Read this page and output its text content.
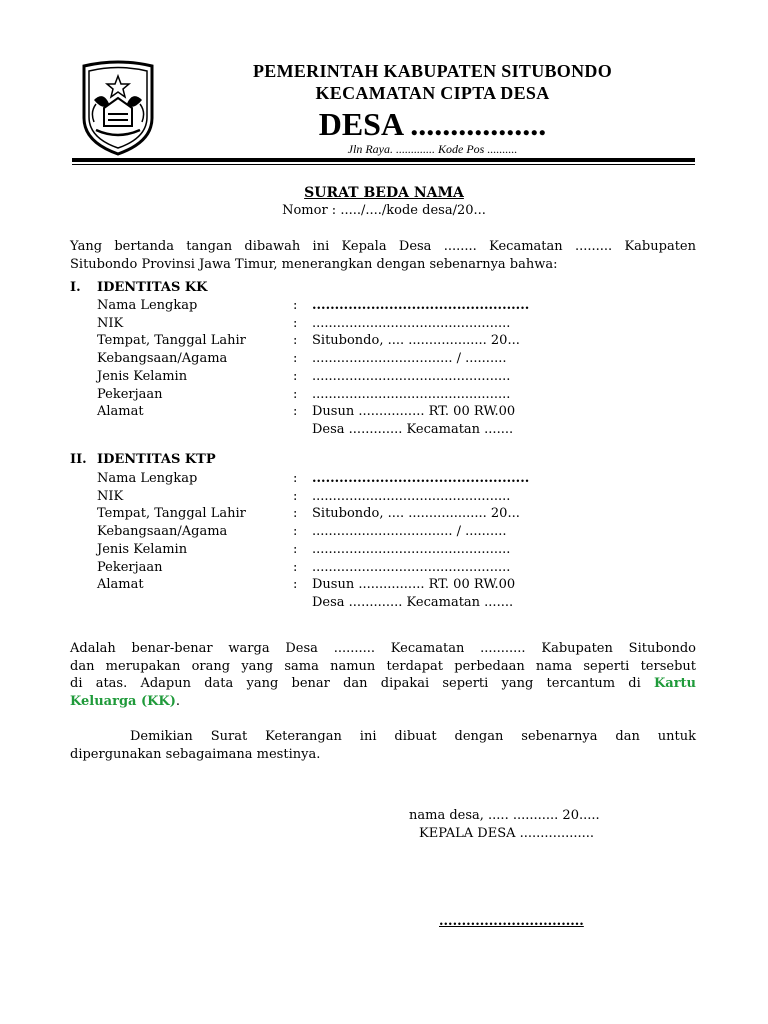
PEMERINTAH KABUPATEN SITUBONDO
KECAMATAN CIPTA DESA
DESA .................
Jln Raya. ............. Kode Pos ..........
SURAT BEDA NAMA
Nomor : ...../..../kode desa/20...
Yang bertanda tangan dibawah ini Kepala Desa ........ Kecamatan ......... Kabupaten
Situbondo Provinsi Jawa Timur, menerangkan dengan sebenarnya bahwa:
I. IDENTITAS KK
Nama Lengkap	: ................................................
NIK	: ................................................
Tempat, Tanggal Lahir	: Situbondo, .... ................... 20...
Kebangsaan/Agama	: .................................. / ..........
Jenis Kelamin	: ................................................
Pekerjaan	: ................................................
Alamat	: Dusun ................ RT. 00 RW.00
Desa ............. Kecamatan .......
II. IDENTITAS KTP
Nama Lengkap	: ................................................
NIK	: ................................................
Tempat, Tanggal Lahir	: Situbondo, .... ................... 20...
Kebangsaan/Agama	: .................................. / ..........
Jenis Kelamin	: ................................................
Pekerjaan	: ................................................
Alamat	: Dusun ................ RT. 00 RW.00
Desa ............. Kecamatan .......
Adalah benar-benar warga Desa .......... Kecamatan ........... Kabupaten Situbondo
dan merupakan orang yang sama namun terdapat perbedaan nama seperti tersebut
di atas. Adapun data yang benar dan dipakai seperti yang tercantum di Kartu
Keluarga (KK).
Demikian Surat Keterangan ini dibuat dengan sebenarnya dan untuk
dipergunakan sebagaimana mestinya.
nama desa, ..... ........... 20.....
KEPALA DESA ..................
................................
